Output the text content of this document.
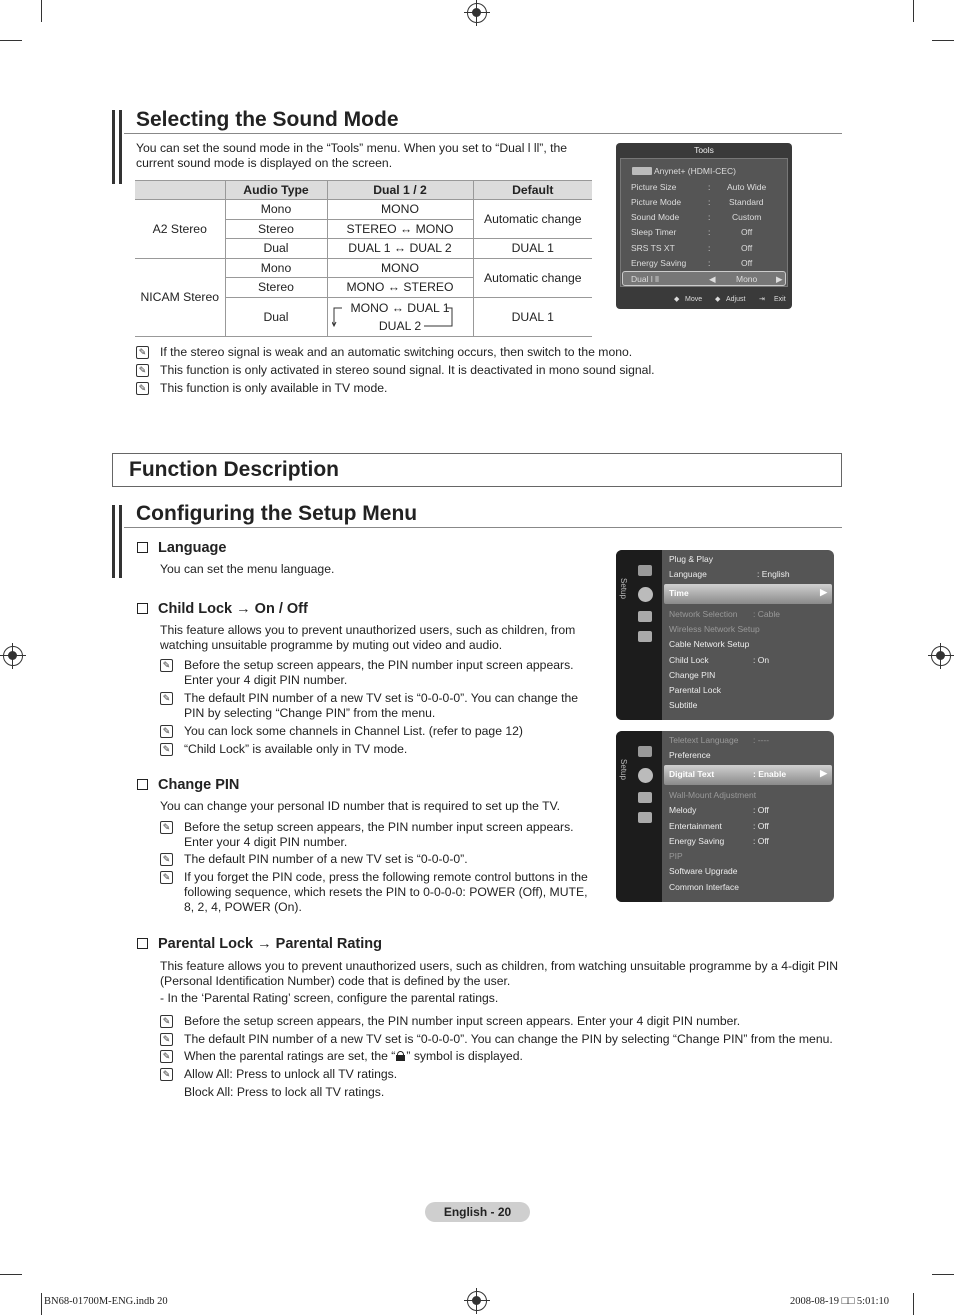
Selecting the Sound Mode

You can set the sound mode in the “Tools” menu. When you set to “Dual l ll”, the current sound mode is displayed on the screen.

	Audio Type	Dual 1 / 2	Default
A2 Stereo	Mono	MONO	Automatic change
	Stereo	STEREO ↔ MONO	
	Dual	DUAL 1 ↔ DUAL 2	DUAL 1
NICAM Stereo	Mono	MONO	Automatic change
	Stereo	MONO ↔ STEREO	
	Dual	MONO ↔ DUAL 1
DUAL 2	DUAL 1
✎ If the stereo signal is weak and an automatic switching occurs, then switch to the mono.
✎ This function is only activated in stereo sound signal. It is deactivated in mono sound signal.
✎ This function is only available in TV mode.
Tools
Anynet+ (HDMI-CEC)
Picture Size	: Auto Wide
Picture Mode	: Standard
Sound Mode	:	Custom
Sleep Timer	:	Off
SRS TS XT	:	Off
Energy Saving	:	Off
Dual l ll	◀ Mono ▶
◆ Move ◆ Adjust ⇥ Exit
Function Description
Configuring the Setup Menu
Language

You can set the menu language.

Child Lock → On / Off

This feature allows you to prevent unauthorized users, such as children, from watching unsuitable programme by muting out video and audio.

✎ Before the setup screen appears, the PIN number input screen appears. Enter your 4 digit PIN number.
✎ The default PIN number of a new TV set is “0-0-0-0”. You can change the PIN by selecting “Change PIN” from the menu.
✎ You can lock some channels in Channel List. (refer to page 12)
✎ “Child Lock” is available only in TV mode.
Change PIN

You can change your personal ID number that is required to set up the TV.

✎ Before the setup screen appears, the PIN number input screen appears. Enter your 4 digit PIN number.
✎ The default PIN number of a new TV set is “0-0-0-0”.
✎ If you forget the PIN code, press the following remote control buttons in the following sequence, which resets the PIN to 0-0-0-0: POWER (Off), MUTE, 8, 2, 4, POWER (On).
Parental Lock → Parental Rating

This feature allows you to prevent unauthorized users, such as children, from watching unsuitable programme by a 4-digit PIN (Personal Identification Number) code that is defined by the user.

- In the ‘Parental Rating’ screen, configure the parental ratings.

✎ Before the setup screen appears, the PIN number input screen appears. Enter your 4 digit PIN number.
✎ The default PIN number of a new TV set is “0-0-0-0”. You can change the PIN by selecting “Change PIN” from the menu.
✎ When the parental ratings are set, the “ ” symbol is displayed.
✎ Allow All: Press to unlock all TV ratings.

Block All: Press to lock all TV ratings.

Setup
Plug & Play
Language	: English
Time	▶
Network Selection : Cable
Wireless Network Setup
Cable Network Setup
Child Lock	: On
Change PIN
Parental Lock
Subtitle
Setup
Teletext Language : ----
Preference
Digital Text	: Enable	▶
Wall-Mount Adjustment
Melody	: Off
Entertainment	: Off
Energy Saving	: Off
PIP
Software Upgrade
Common Interface
English - 20
BN68-01700M-ENG.indb 20	2008-08-19 □□ 5:01:10
